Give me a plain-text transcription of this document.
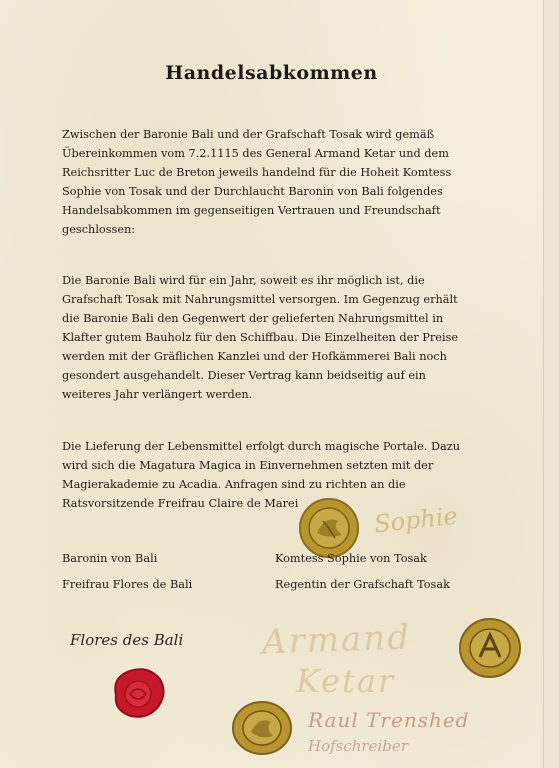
Handelsabkommen
Zwischen der Baronie Bali und der Grafschaft Tosak wird gemäß Übereinkommen vom 7.2.1115 des General Armand Ketar und dem Reichsritter Luc de Breton jeweils handelnd für die Hoheit Komtess Sophie von Tosak und der Durchlaucht Baronin von Bali folgendes Handelsabkommen im gegenseitigen Vertrauen und Freundschaft geschlossen:
Die Baronie Bali wird für ein Jahr, soweit es ihr möglich ist, die Grafschaft Tosak mit Nahrungsmittel versorgen. Im Gegenzug erhält die Baronie Bali den Gegenwert der gelieferten Nahrungsmittel in Klafter gutem Bauholz für den Schiffbau. Die Einzelheiten der Preise werden mit der Gräflichen Kanzlei und der Hofkämmerei Bali noch gesondert ausgehandelt. Dieser Vertrag kann beidseitig auf ein weiteres Jahr verlängert werden.
Die Lieferung der Lebensmittel erfolgt durch magische Portale. Dazu wird sich die Magatura Magica in Einvernehmen setzten mit der Magierakademie zu Acadia. Anfragen sind zu richten an die Ratsvorsitzende Freifrau Claire de Marei	Sophie
Baronin von Bali
Freifrau Flores de Bali
Komtess Sophie von Tosak
Regentin der Grafschaft Tosak
Flores des Bali Armand
Ketar
Raul Trenshed
Hofschreiber
